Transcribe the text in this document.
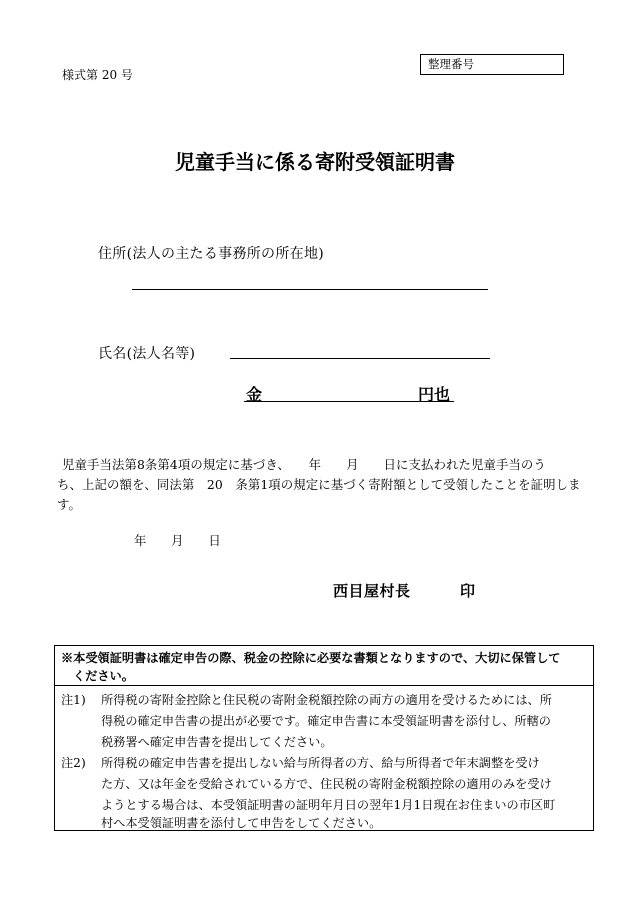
様式第 20 号
整理番号
児童手当に係る寄附受領証明書
住所(法人の主たる事務所の所在地)
氏名(法人名等)
金	円也
児童手当法第8条第4項の規定に基づき、　　年　　月　　日に支払われた児童手当のう
ち、上記の額を、同法第　20　条第1項の規定に基づく寄附額として受領したことを証明しま
す。
年　　月　　日
西目屋村長	印
※本受領証明書は確定申告の際、税金の控除に必要な書類となりますので、大切に保管して
ください。
注1) 所得税の寄附金控除と住民税の寄附金税額控除の両方の適用を受けるためには、所
得税の確定申告書の提出が必要です。確定申告書に本受領証明書を添付し、所轄の
税務署へ確定申告書を提出してください。
注2) 所得税の確定申告書を提出しない給与所得者の方、給与所得者で年末調整を受け
た方、又は年金を受給されている方で、住民税の寄附金税額控除の適用のみを受け
ようとする場合は、本受領証明書の証明年月日の翌年1月1日現在お住まいの市区町
村へ本受領証明書を添付して申告をしてください。
